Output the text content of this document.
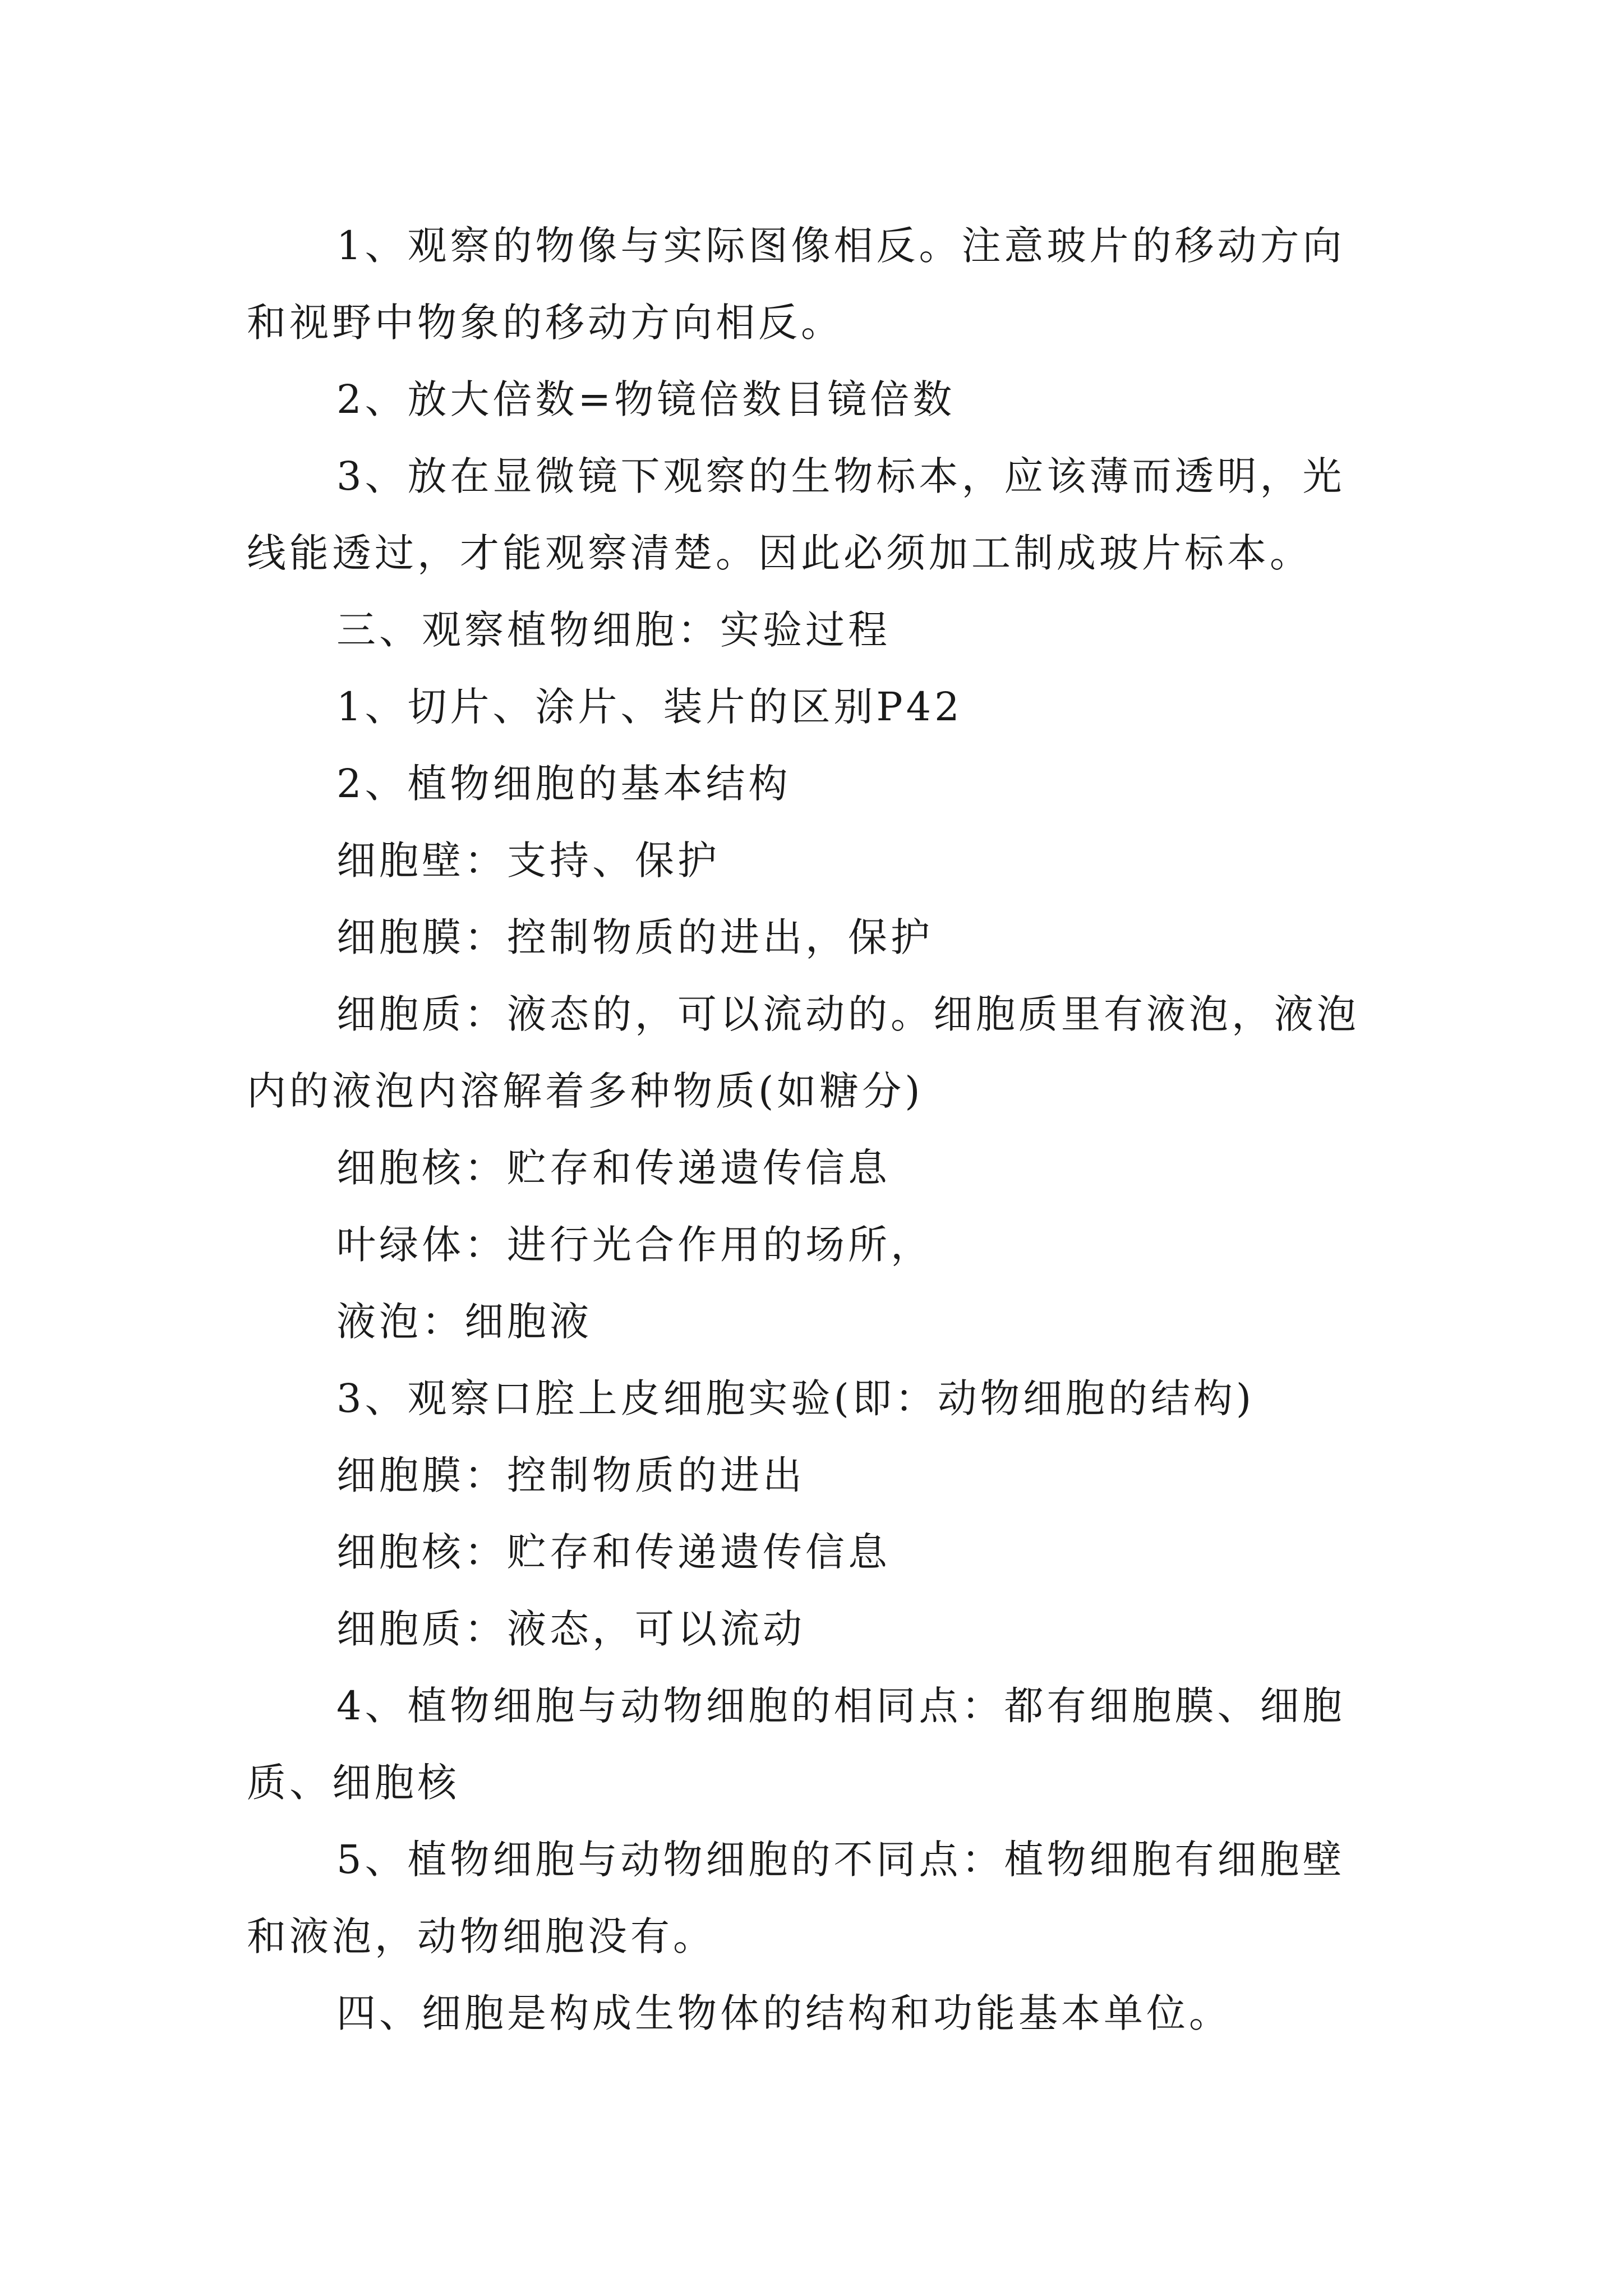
1、观察的物像与实际图像相反。注意玻片的移动方向
和视野中物象的移动方向相反。
2、放大倍数=物镜倍数目镜倍数
3、放在显微镜下观察的生物标本，应该薄而透明，光
线能透过，才能观察清楚。因此必须加工制成玻片标本。
三、观察植物细胞：实验过程
1、切片、涂片、装片的区别P42
2、植物细胞的基本结构
细胞壁：支持、保护
细胞膜：控制物质的进出，保护
细胞质：液态的，可以流动的。细胞质里有液泡，液泡
内的液泡内溶解着多种物质(如糖分)
细胞核：贮存和传递遗传信息
叶绿体：进行光合作用的场所，
液泡：细胞液
3、观察口腔上皮细胞实验(即：动物细胞的结构)
细胞膜：控制物质的进出
细胞核：贮存和传递遗传信息
细胞质：液态，可以流动
4、植物细胞与动物细胞的相同点：都有细胞膜、细胞
质、细胞核
5、植物细胞与动物细胞的不同点：植物细胞有细胞壁
和液泡，动物细胞没有。
四、细胞是构成生物体的结构和功能基本单位。
